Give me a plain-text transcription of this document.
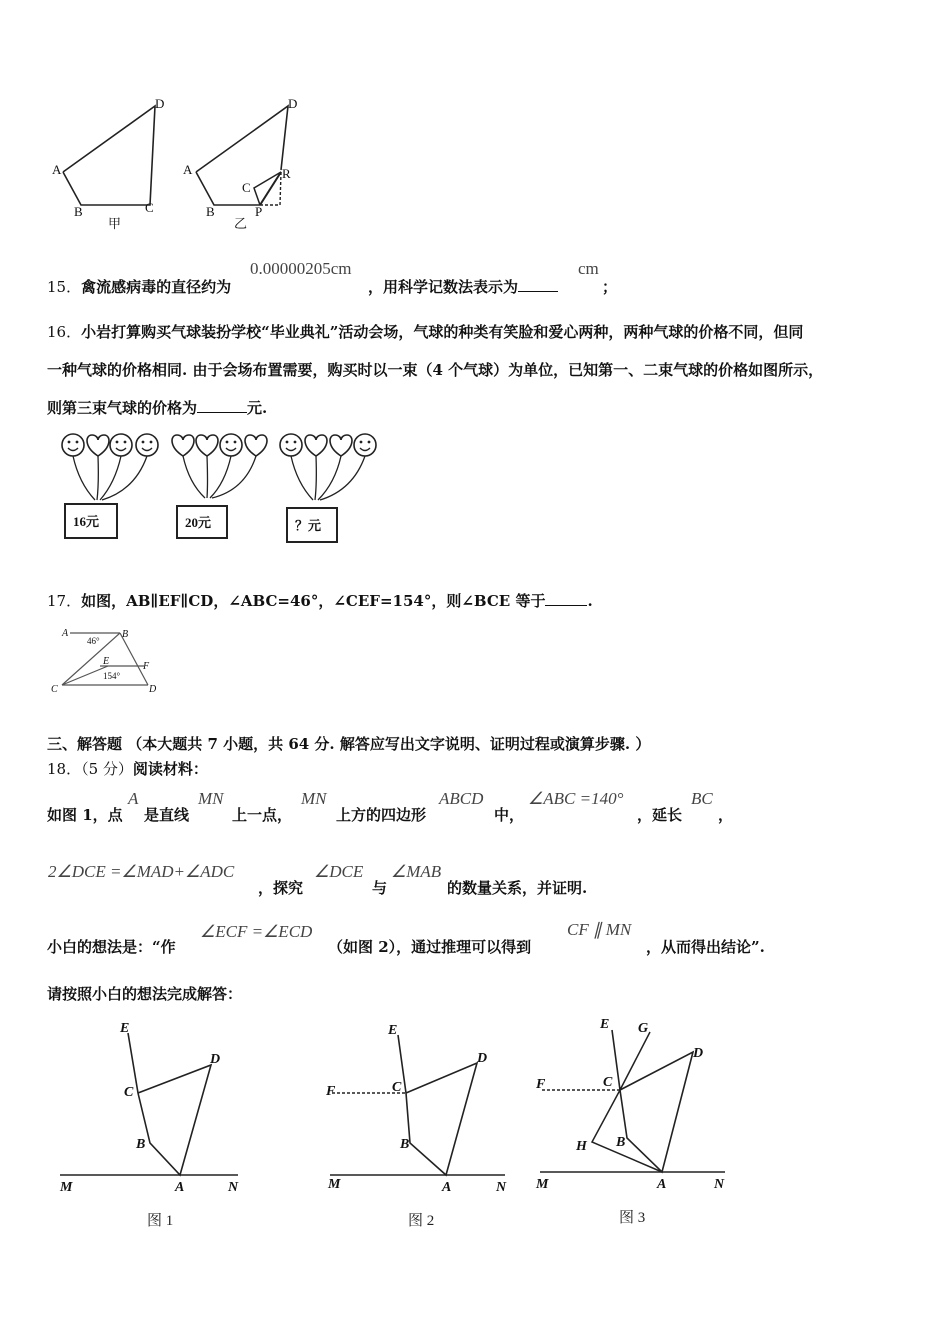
D
A
B	C
甲
D
A
B
C
R
P
乙
15．禽流感病毒的直径约为
0.00000205cm
，用科学记数法表示为
cm
；
16．小岩打算购买气球装扮学校“毕业典礼”活动会场，气球的种类有笑脸和爱心两种，两种气球的价格不同，但同
一种气球的价格相同. 由于会场布置需要，购买时以一束（4 个气球）为单位，已知第一、二束气球的价格如图所示，
则第三束气球的价格为	元.
16元	20元	？元
17．如图，AB∥EF∥CD，∠ABC=46°，∠CEF=154°，则∠BCE 等于	.
A	B
E	F
C	D
46°
154°
三、解答题 （本大题共 7 小题，共 64 分. 解答应写出文字说明、证明过程或演算步骤. ）
18．（5 分）阅读材料：
如图 1，点
A
是直线
MN
上一点，
MN
上方的四边形
ABCD
中，
∠ABC =140°
，延长
BC
，
2∠DCE =∠MAD+∠ADC
，探究
∠DCE
与
∠MAB
的数量关系，并证明.
小白的想法是：“作
∠ECF =∠ECD
（如图 2），通过推理可以得到
CF ∥ MN
，从而得出结论”.
请按照小白的想法完成解答：
E
C
D
B
A
M	N
图 1
E
F	C
D
B
A
M	N
图 2
E G
F	C
D
H B
A
M	N
图 3
